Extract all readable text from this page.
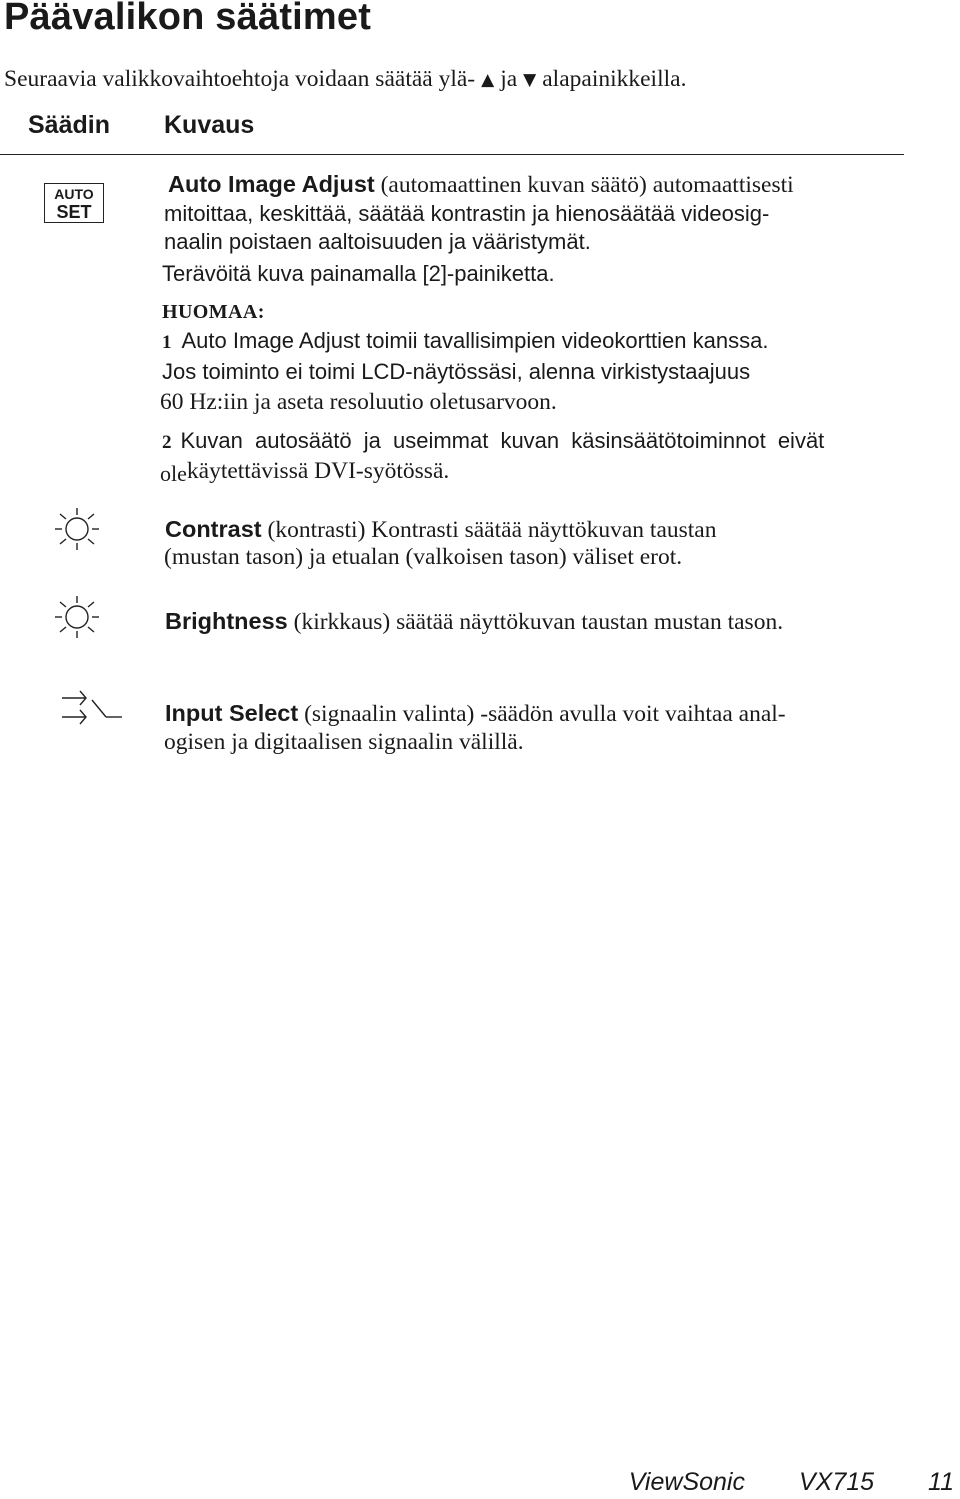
Päävalikon säätimet
Seuraavia valikkovaihtoehtoja voidaan säätää ylä- ▲ ja ▼ alapainikkeilla.
Säädin Kuvaus
AUTO
SET
Auto Image Adjust (automaattinen kuvan säätö) automaattisesti
mitoittaa, keskittää, säätää kontrastin ja hienosäätää videosig-
naalin poistaen aaltoisuuden ja vääristymät.
Terävöitä kuva painamalla [2]-painiketta.
HUOMAA:
1 Auto Image Adjust toimii tavallisimpien videokorttien kanssa.
Jos toiminto ei toimi LCD-näytössäsi, alenna virkistystaajuus
60 Hz:iin ja aseta resoluutio oletusarvoon.
2 Kuvan autosäätö ja useimmat kuvan käsinsäätötoiminnot eivät
olekäytettävissä DVI-syötössä.
Contrast (kontrasti) Kontrasti säätää näyttökuvan taustan
(mustan tason) ja etualan (valkoisen tason) väliset erot.
Brightness (kirkkaus) säätää näyttökuvan taustan mustan tason.
Input Select (signaalin valinta) -säädön avulla voit vaihtaa anal-
ogisen ja digitaalisen signaalin välillä.
ViewSonic VX715 11
